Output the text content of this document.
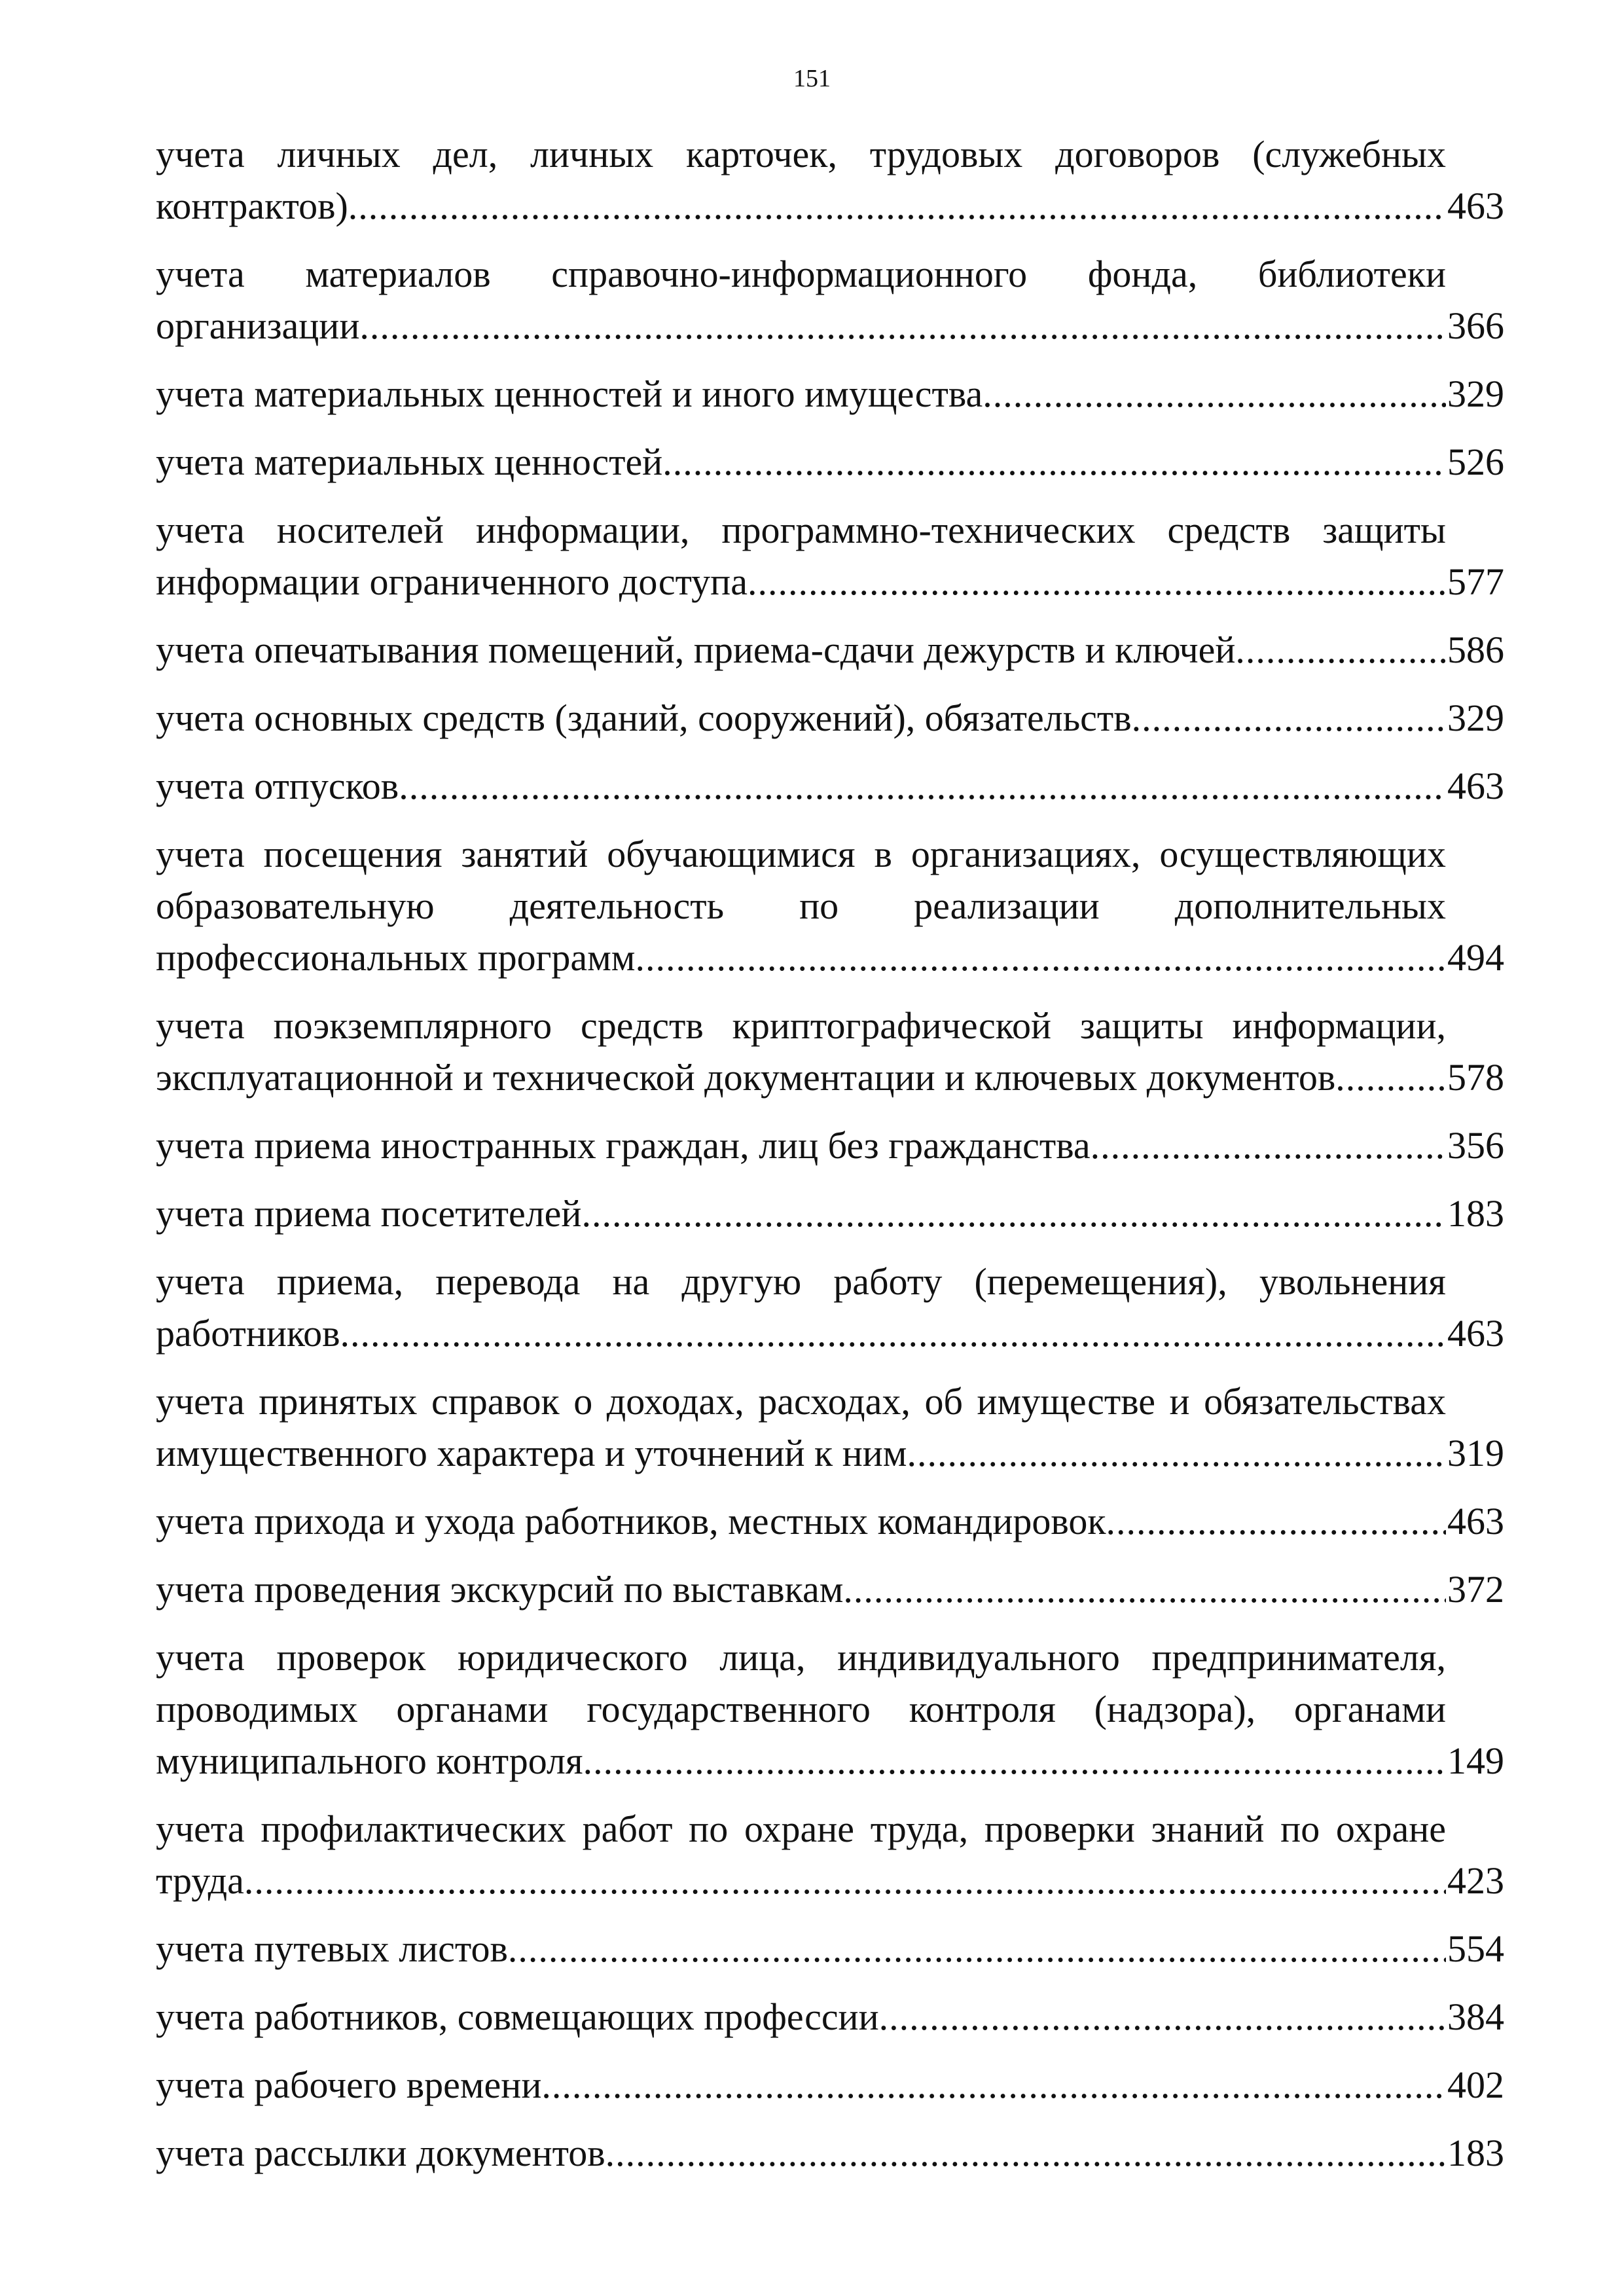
151
учета личных дел, личных карточек, трудовых договоров (служебных
контрактов) .....	463
учета материалов справочно-информационного фонда, библиотеки
организации .....	366
учета материальных ценностей и иного имущества .....	329
учета материальных ценностей .....	526
учета носителей информации, программно-технических средств защиты
информации ограниченного доступа .....	577
учета опечатывания помещений, приема-сдачи дежурств и ключей .....	586
учета основных средств (зданий, сооружений), обязательств .....	329
учета отпусков .....	463
учета посещения занятий обучающимися в организациях, осуществляющих
образовательную деятельность по реализации дополнительных
профессиональных программ .....	494
учета поэкземплярного средств криптографической защиты информации,
эксплуатационной и технической документации и ключевых документов .....	578
учета приема иностранных граждан, лиц без гражданства .....	356
учета приема посетителей .....	183
учета приема, перевода на другую работу (перемещения), увольнения
работников .....	463
учета принятых справок о доходах, расходах, об имуществе и обязательствах
имущественного характера и уточнений к ним .....	319
учета прихода и ухода работников, местных командировок .....	463
учета проведения экскурсий по выставкам .....	372
учета проверок юридического лица, индивидуального предпринимателя,
проводимых органами государственного контроля (надзора), органами
муниципального контроля .....	149
учета профилактических работ по охране труда, проверки знаний по охране
труда .....	423
учета путевых листов .....	554
учета работников, совмещающих профессии .....	384
учета рабочего времени .....	402
учета рассылки документов .....	183
